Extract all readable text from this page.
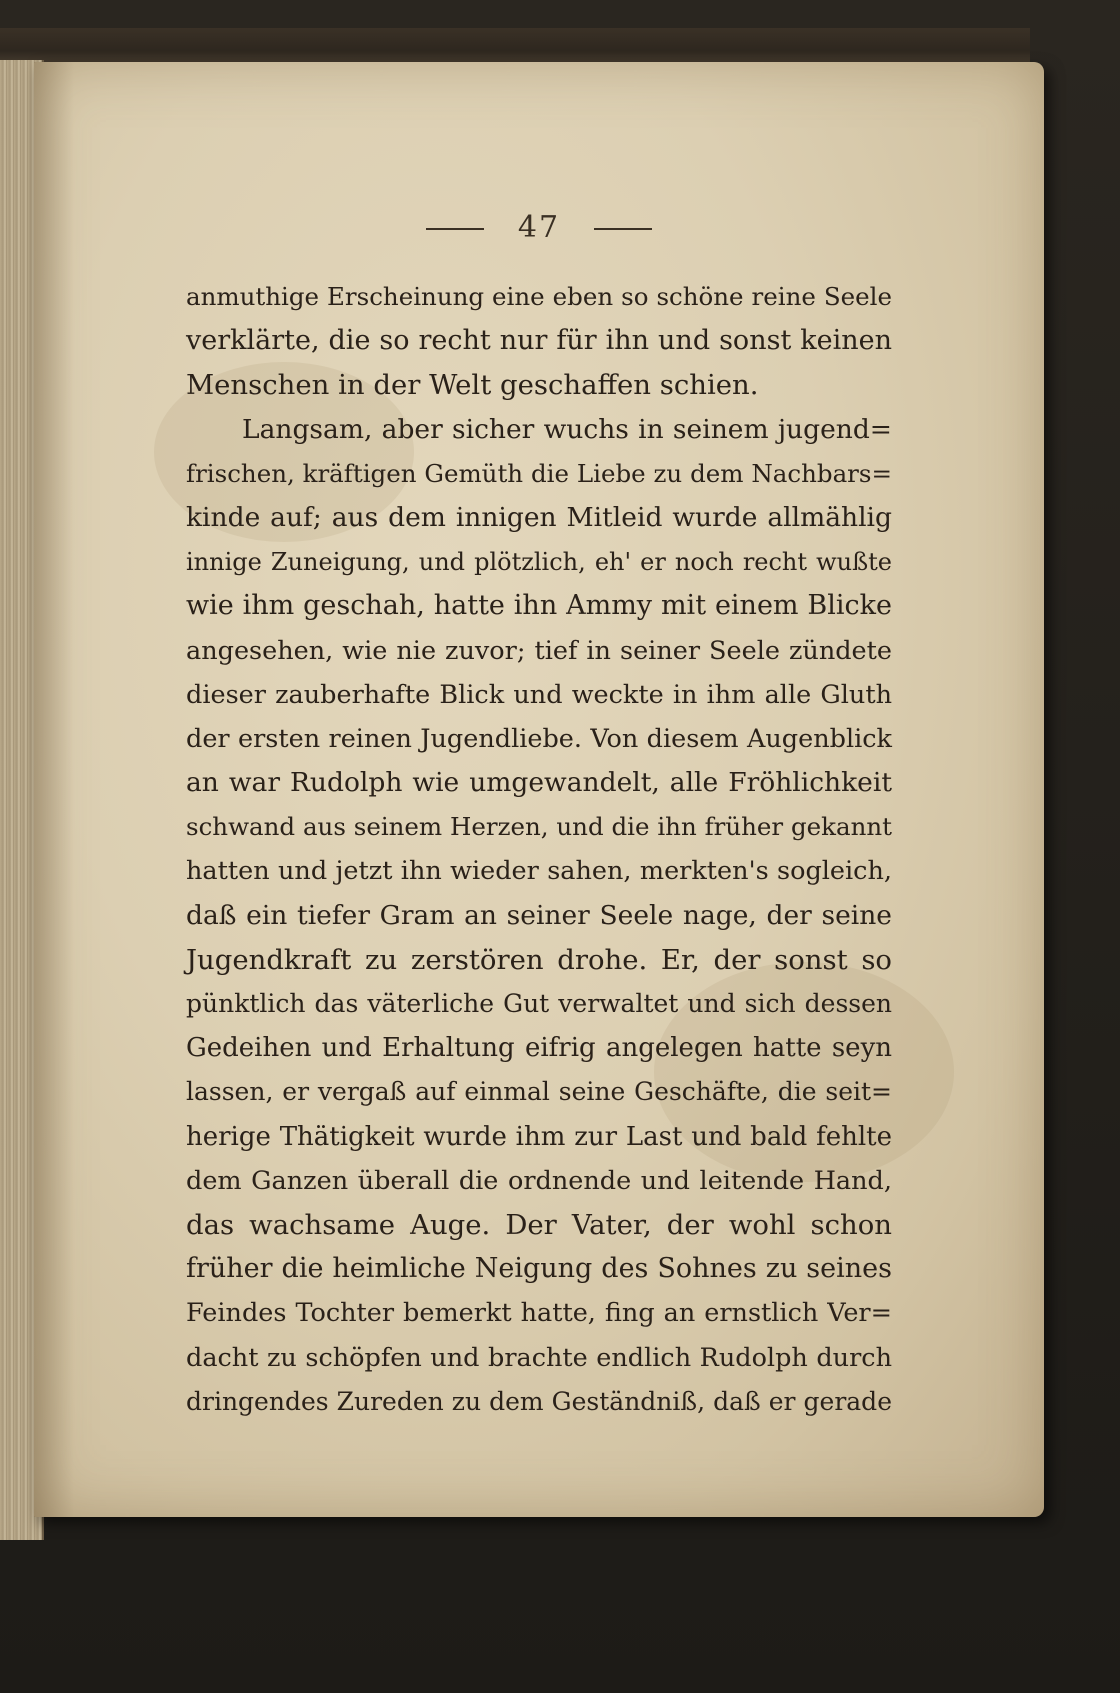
47
anmuthige Erscheinung eine eben so schöne reine Seele
verklärte, die so recht nur für ihn und sonst keinen
Menschen in der Welt geschaffen schien.
Langsam, aber sicher wuchs in seinem jugend=
frischen, kräftigen Gemüth die Liebe zu dem Nachbars=
kinde auf; aus dem innigen Mitleid wurde allmählig
innige Zuneigung, und plötzlich, eh' er noch recht wußte
wie ihm geschah, hatte ihn Ammy mit einem Blicke
angesehen, wie nie zuvor; tief in seiner Seele zündete
dieser zauberhafte Blick und weckte in ihm alle Gluth
der ersten reinen Jugendliebe. Von diesem Augenblick
an war Rudolph wie umgewandelt, alle Fröhlichkeit
schwand aus seinem Herzen, und die ihn früher gekannt
hatten und jetzt ihn wieder sahen, merkten's sogleich,
daß ein tiefer Gram an seiner Seele nage, der seine
Jugendkraft zu zerstören drohe. Er, der sonst so
pünktlich das väterliche Gut verwaltet und sich dessen
Gedeihen und Erhaltung eifrig angelegen hatte seyn
lassen, er vergaß auf einmal seine Geschäfte, die seit=
herige Thätigkeit wurde ihm zur Last und bald fehlte
dem Ganzen überall die ordnende und leitende Hand,
das wachsame Auge. Der Vater, der wohl schon
früher die heimliche Neigung des Sohnes zu seines
Feindes Tochter bemerkt hatte, fing an ernstlich Ver=
dacht zu schöpfen und brachte endlich Rudolph durch
dringendes Zureden zu dem Geständniß, daß er gerade
